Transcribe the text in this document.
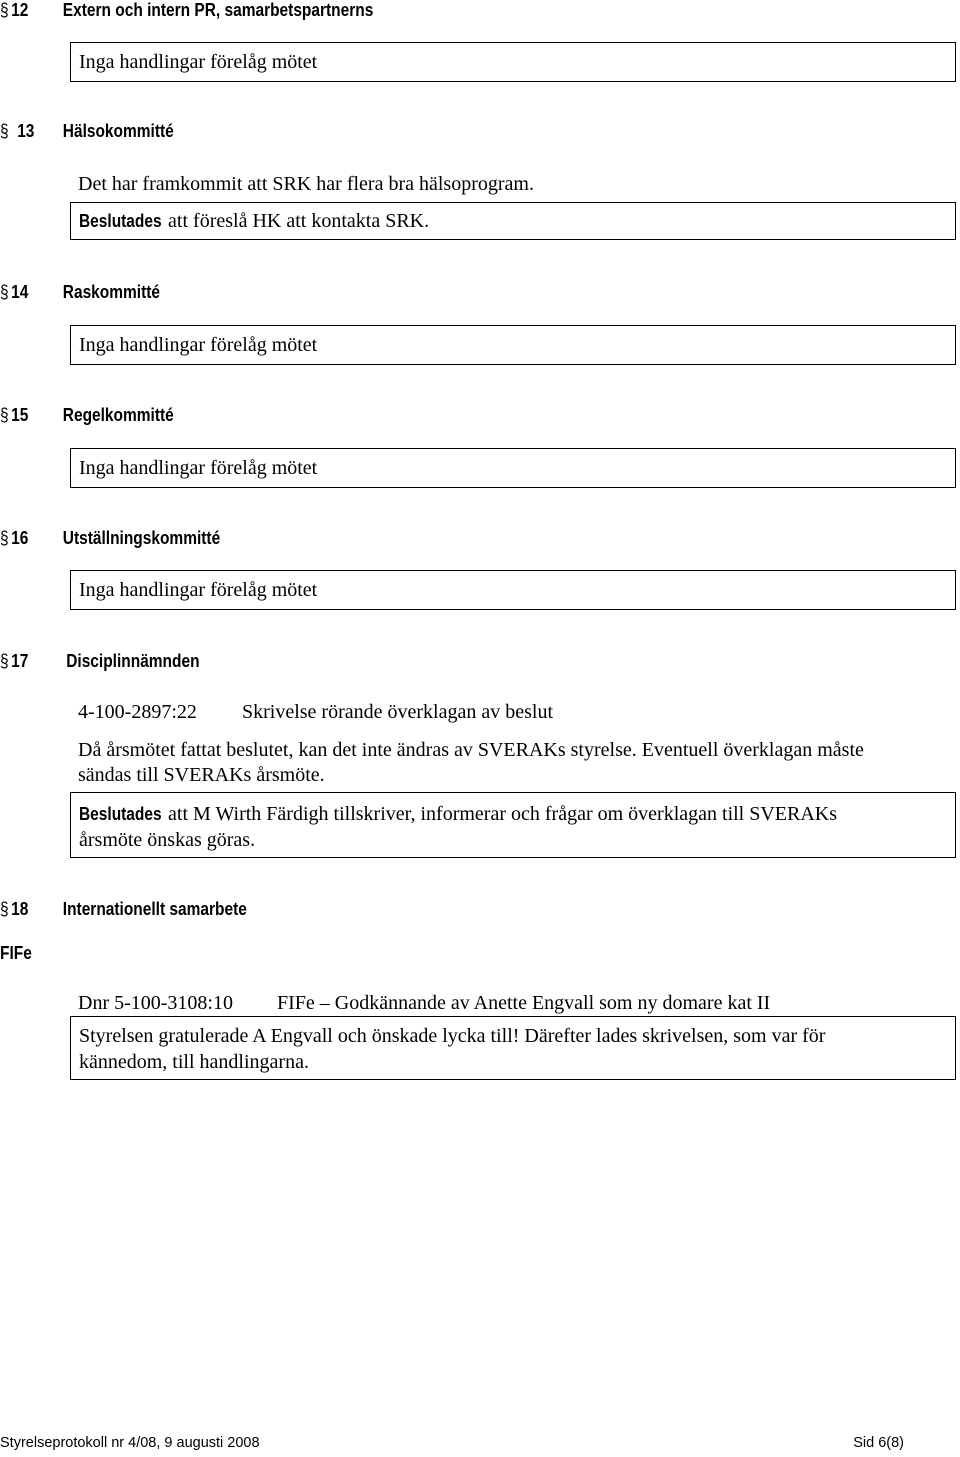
§ 12 Extern och intern PR, samarbetspartnerns
Inga handlingar förelåg mötet
§ 13 Hälsokommitté
Det har framkommit att SRK har flera bra hälsoprogram.
Beslutades att föreslå HK att kontakta SRK.
§ 14 Raskommitté
Inga handlingar förelåg mötet
§ 15 Regelkommitté
Inga handlingar förelåg mötet
§ 16 Utställningskommitté
Inga handlingar förelåg mötet
§ 17 Disciplinnämnden
4-100-2897:22 Skrivelse rörande överklagan av beslut
Då årsmötet fattat beslutet, kan det inte ändras av SVERAKs styrelse. Eventuell överklagan måste
sändas till SVERAKs årsmöte.
Beslutades att M Wirth Färdigh tillskriver, informerar och frågar om överklagan till SVERAKs
årsmöte önskas göras.
§ 18 Internationellt samarbete
FIFe
Dnr 5-100-3108:10 FIFe – Godkännande av Anette Engvall som ny domare kat II
Styrelsen gratulerade A Engvall och önskade lycka till! Därefter lades skrivelsen, som var för
kännedom, till handlingarna.
Styrelseprotokoll nr 4/08, 9 augusti 2008	Sid 6(8)
